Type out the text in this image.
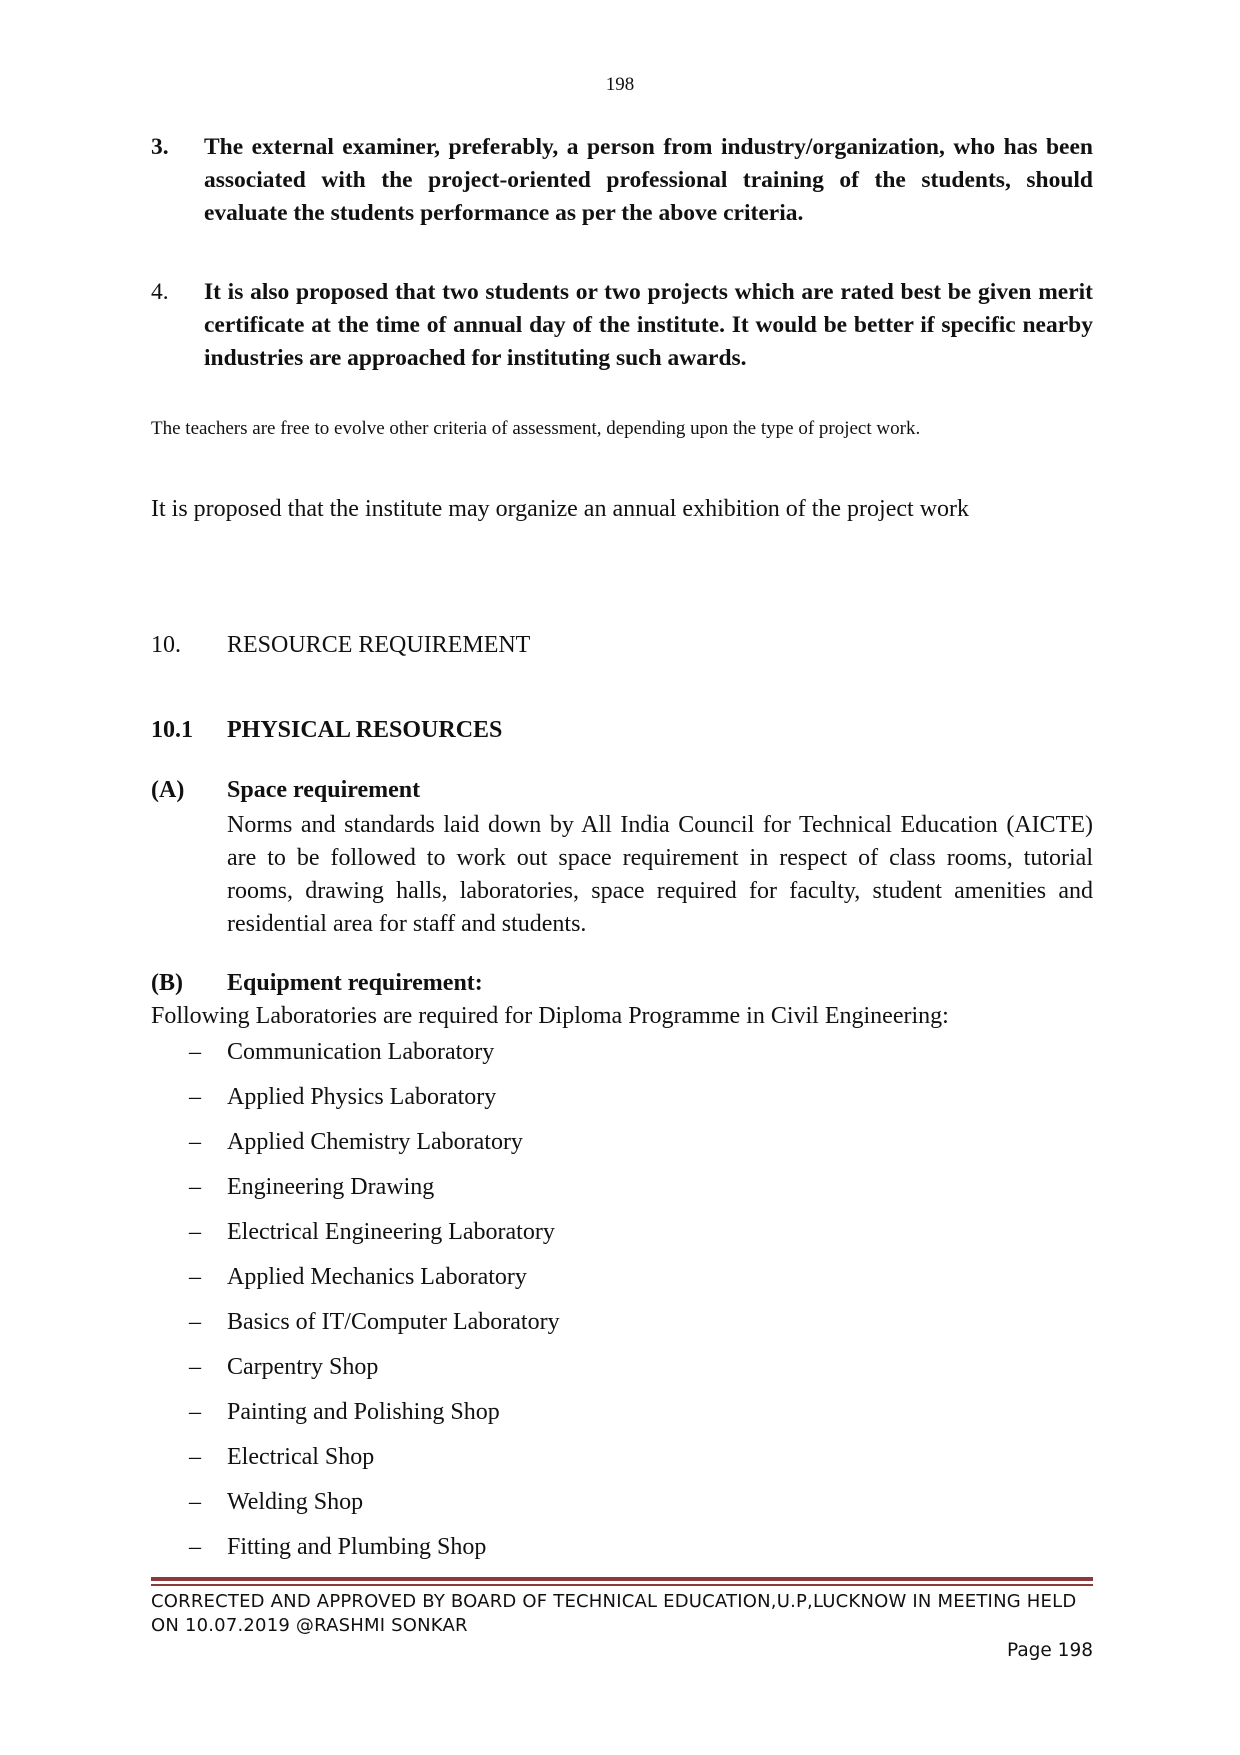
198
3. The external examiner, preferably, a person from industry/organization, who has been associated with the project-oriented professional training of the students, should evaluate the students performance as per the above criteria.
4. It is also proposed that two students or two projects which are rated best be given merit certificate at the time of annual day of the institute. It would be better if specific nearby industries are approached for instituting such awards.
The teachers are free to evolve other criteria of assessment, depending upon the type of project work.
It is proposed that the institute may organize an annual exhibition of the project work
10. RESOURCE REQUIREMENT
10.1 PHYSICAL RESOURCES
(A) Space requirement
Norms and standards laid down by All India Council for Technical Education (AICTE) are to be followed to work out space requirement in respect of class rooms, tutorial rooms, drawing halls, laboratories, space required for faculty, student amenities and residential area for staff and students.
(B) Equipment requirement:
Following Laboratories are required for Diploma Programme in Civil Engineering:
– Communication Laboratory
– Applied Physics Laboratory
– Applied Chemistry Laboratory
– Engineering Drawing
– Electrical Engineering Laboratory
– Applied Mechanics Laboratory
– Basics of IT/Computer Laboratory
– Carpentry Shop
– Painting and Polishing Shop
– Electrical Shop
– Welding Shop
– Fitting and Plumbing Shop
CORRECTED AND APPROVED BY BOARD OF TECHNICAL EDUCATION,U.P,LUCKNOW IN MEETING HELD
ON 10.07.2019 @RASHMI SONKAR
Page 198
